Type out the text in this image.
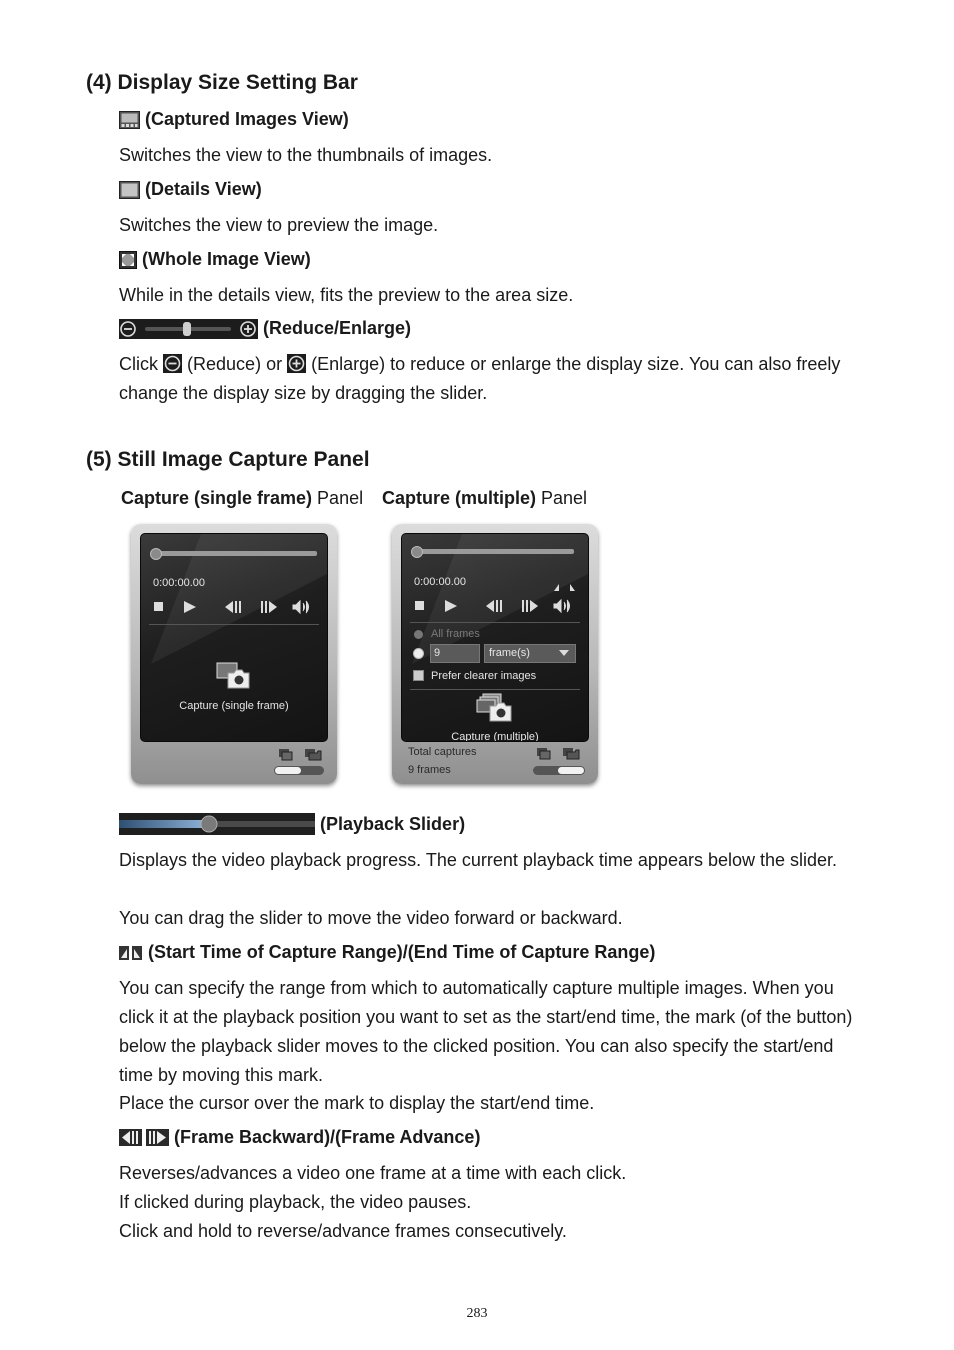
(4) Display Size Setting Bar
(Captured Images View)
Switches the view to the thumbnails of images.
(Details View)
Switches the view to preview the image.
(Whole Image View)
While in the details view, fits the preview to the area size.
(Reduce/Enlarge)
Click (Reduce) or (Enlarge) to reduce or enlarge the display size. You can also freely change the display size by dragging the slider.
(5) Still Image Capture Panel
Capture (single frame) Panel Capture (multiple) Panel
0:00:00.00
Capture (single frame)
0:00:00.00
All frames
9	frame(s)
Prefer clearer images
Capture (multiple)
Total captures
9 frames
(Playback Slider)
Displays the video playback progress. The current playback time appears below the slider.
You can drag the slider to move the video forward or backward.
(Start Time of Capture Range)/(End Time of Capture Range)
You can specify the range from which to automatically capture multiple images. When you click it at the playback position you want to set as the start/end time, the mark (of the button) below the playback slider moves to the clicked position. You can also specify the start/end time by moving this mark.
Place the cursor over the mark to display the start/end time.
(Frame Backward)/(Frame Advance)
Reverses/advances a video one frame at a time with each click.
If clicked during playback, the video pauses.
Click and hold to reverse/advance frames consecutively.
283
